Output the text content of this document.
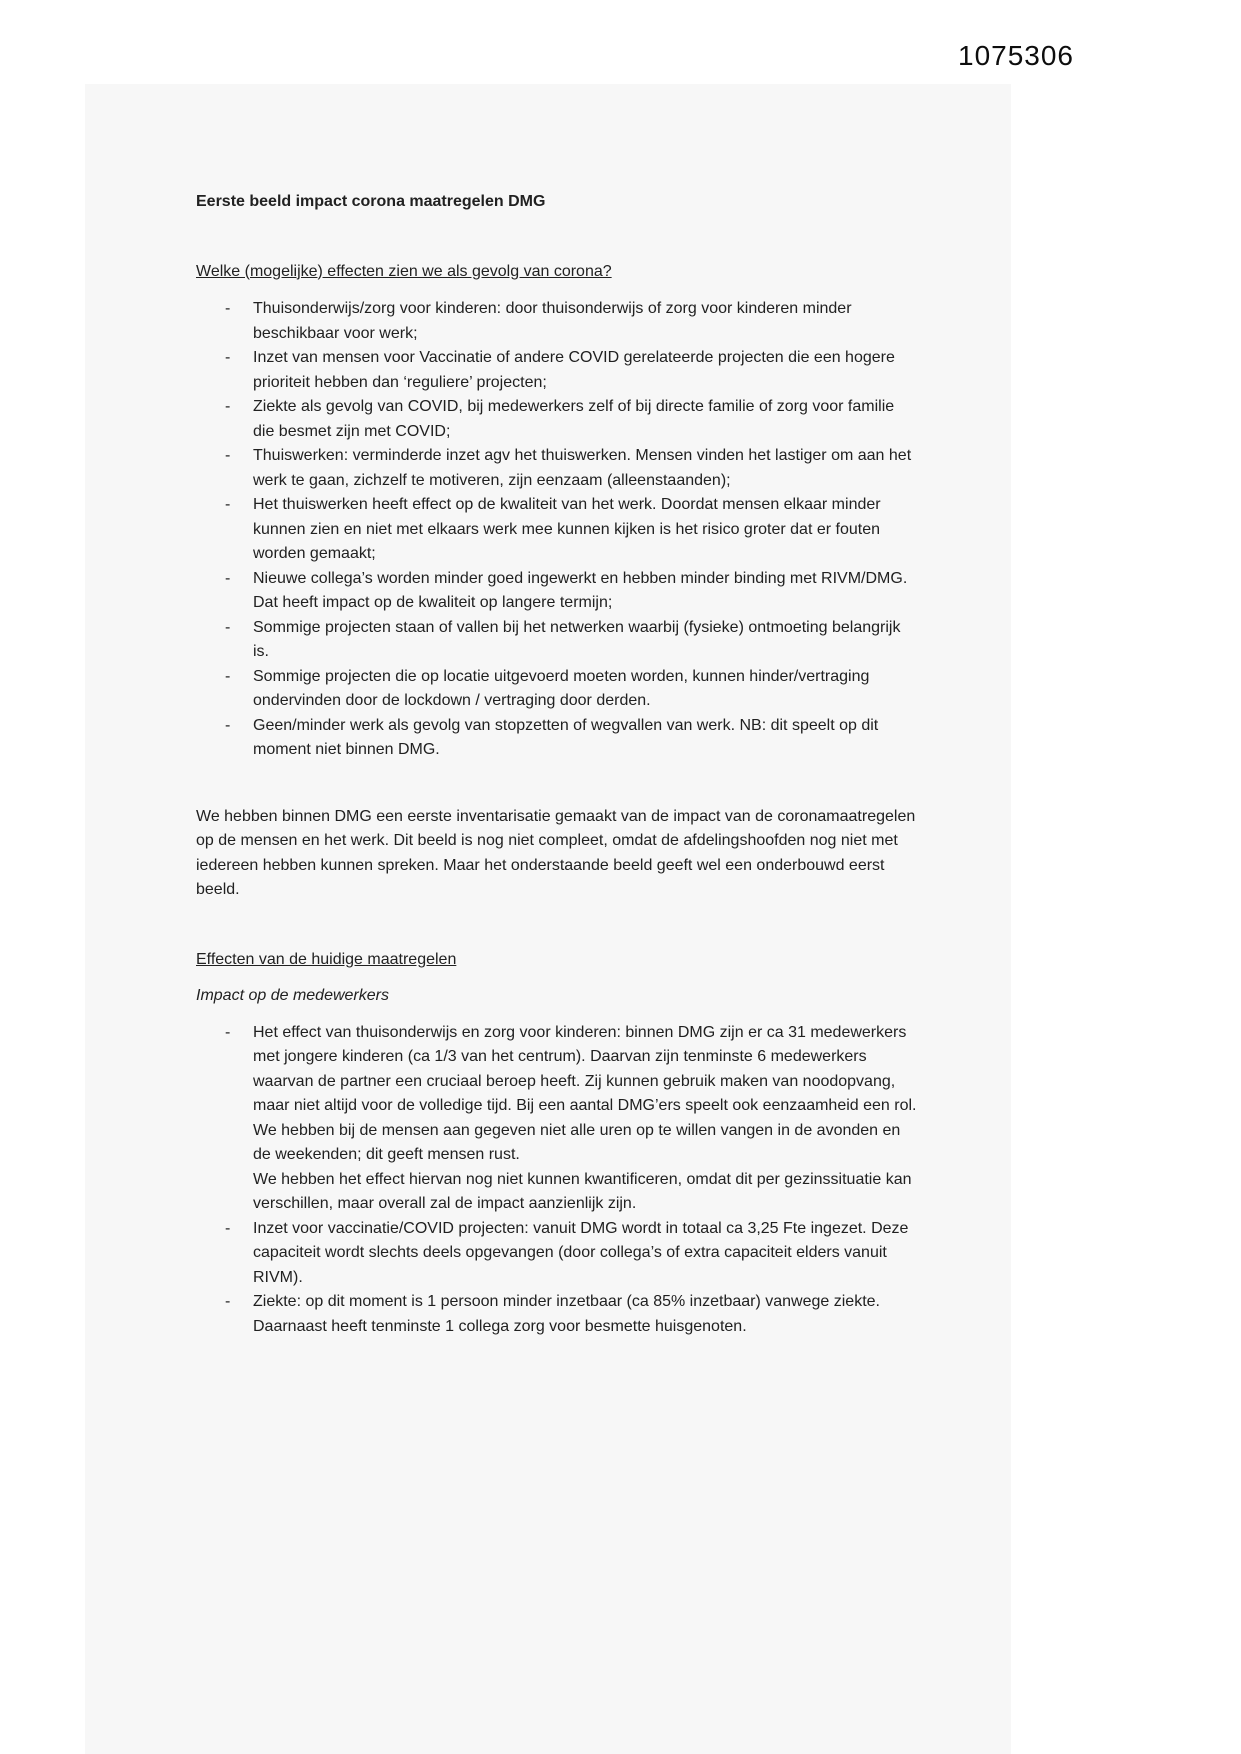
1075306

Eerste beeld impact corona maatregelen DMG

Welke (mogelijke) effecten zien we als gevolg van corona?

- Thuisonderwijs/zorg voor kinderen: door thuisonderwijs of zorg voor kinderen minder beschikbaar voor werk;
- Inzet van mensen voor Vaccinatie of andere COVID gerelateerde projecten die een hogere prioriteit hebben dan ‘reguliere’ projecten;
- Ziekte als gevolg van COVID, bij medewerkers zelf of bij directe familie of zorg voor familie die besmet zijn met COVID;
- Thuiswerken: verminderde inzet agv het thuiswerken. Mensen vinden het lastiger om aan het werk te gaan, zichzelf te motiveren, zijn eenzaam (alleenstaanden);
- Het thuiswerken heeft effect op de kwaliteit van het werk. Doordat mensen elkaar minder kunnen zien en niet met elkaars werk mee kunnen kijken is het risico groter dat er fouten worden gemaakt;
- Nieuwe collega’s worden minder goed ingewerkt en hebben minder binding met RIVM/DMG. Dat heeft impact op de kwaliteit op langere termijn;
- Sommige projecten staan of vallen bij het netwerken waarbij (fysieke) ontmoeting belangrijk is.
- Sommige projecten die op locatie uitgevoerd moeten worden, kunnen hinder/vertraging ondervinden door de lockdown / vertraging door derden.
- Geen/minder werk als gevolg van stopzetten of wegvallen van werk. NB: dit speelt op dit moment niet binnen DMG.

We hebben binnen DMG een eerste inventarisatie gemaakt van de impact van de coronamaatregelen op de mensen en het werk. Dit beeld is nog niet compleet, omdat de afdelingshoofden nog niet met iedereen hebben kunnen spreken. Maar het onderstaande beeld geeft wel een onderbouwd eerst beeld.

Effecten van de huidige maatregelen

Impact op de medewerkers

- Het effect van thuisonderwijs en zorg voor kinderen: binnen DMG zijn er ca 31 medewerkers met jongere kinderen (ca 1/3 van het centrum). Daarvan zijn tenminste 6 medewerkers waarvan de partner een cruciaal beroep heeft. Zij kunnen gebruik maken van noodopvang, maar niet altijd voor de volledige tijd. Bij een aantal DMG’ers speelt ook eenzaamheid een rol. We hebben bij de mensen aan gegeven niet alle uren op te willen vangen in de avonden en de weekenden; dit geeft mensen rust.
We hebben het effect hiervan nog niet kunnen kwantificeren, omdat dit per gezinssituatie kan verschillen, maar overall zal de impact aanzienlijk zijn.
- Inzet voor vaccinatie/COVID projecten: vanuit DMG wordt in totaal ca 3,25 Fte ingezet. Deze capaciteit wordt slechts deels opgevangen (door collega’s of extra capaciteit elders vanuit RIVM).
- Ziekte: op dit moment is 1 persoon minder inzetbaar (ca 85% inzetbaar) vanwege ziekte. Daarnaast heeft tenminste 1 collega zorg voor besmette huisgenoten.
